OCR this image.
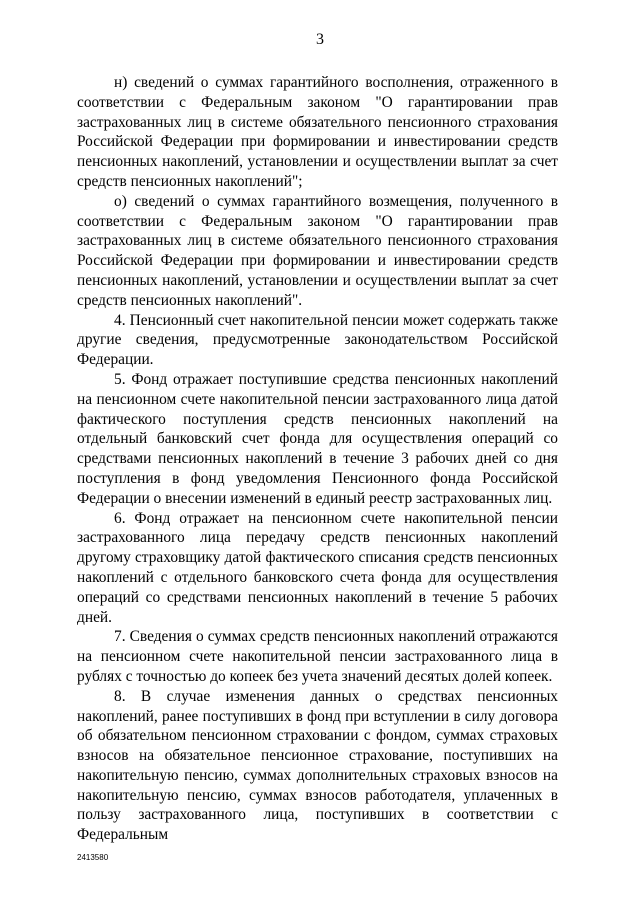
3

н) сведений о суммах гарантийного восполнения, отраженного в соответствии с Федеральным законом "О гарантировании прав застрахованных лиц в системе обязательного пенсионного страхования Российской Федерации при формировании и инвестировании средств пенсионных накоплений, установлении и осуществлении выплат за счет средств пенсионных накоплений";

о) сведений о суммах гарантийного возмещения, полученного в соответствии с Федеральным законом "О гарантировании прав застрахованных лиц в системе обязательного пенсионного страхования Российской Федерации при формировании и инвестировании средств пенсионных накоплений, установлении и осуществлении выплат за счет средств пенсионных накоплений".

4. Пенсионный счет накопительной пенсии может содержать также другие сведения, предусмотренные законодательством Российской Федерации.

5. Фонд отражает поступившие средства пенсионных накоплений на пенсионном счете накопительной пенсии застрахованного лица датой фактического поступления средств пенсионных накоплений на отдельный банковский счет фонда для осуществления операций со средствами пенсионных накоплений в течение 3 рабочих дней со дня поступления в фонд уведомления Пенсионного фонда Российской Федерации о внесении изменений в единый реестр застрахованных лиц.

6. Фонд отражает на пенсионном счете накопительной пенсии застрахованного лица передачу средств пенсионных накоплений другому страховщику датой фактического списания средств пенсионных накоплений с отдельного банковского счета фонда для осуществления операций со средствами пенсионных накоплений в течение 5 рабочих дней.

7. Сведения о суммах средств пенсионных накоплений отражаются на пенсионном счете накопительной пенсии застрахованного лица в рублях с точностью до копеек без учета значений десятых долей копеек.

8. В случае изменения данных о средствах пенсионных накоплений, ранее поступивших в фонд при вступлении в силу договора об обязательном пенсионном страховании с фондом, суммах страховых взносов на обязательное пенсионное страхование, поступивших на накопительную пенсию, суммах дополнительных страховых взносов на накопительную пенсию, суммах взносов работодателя, уплаченных в пользу застрахованного лица, поступивших в соответствии с Федеральным

2413580
